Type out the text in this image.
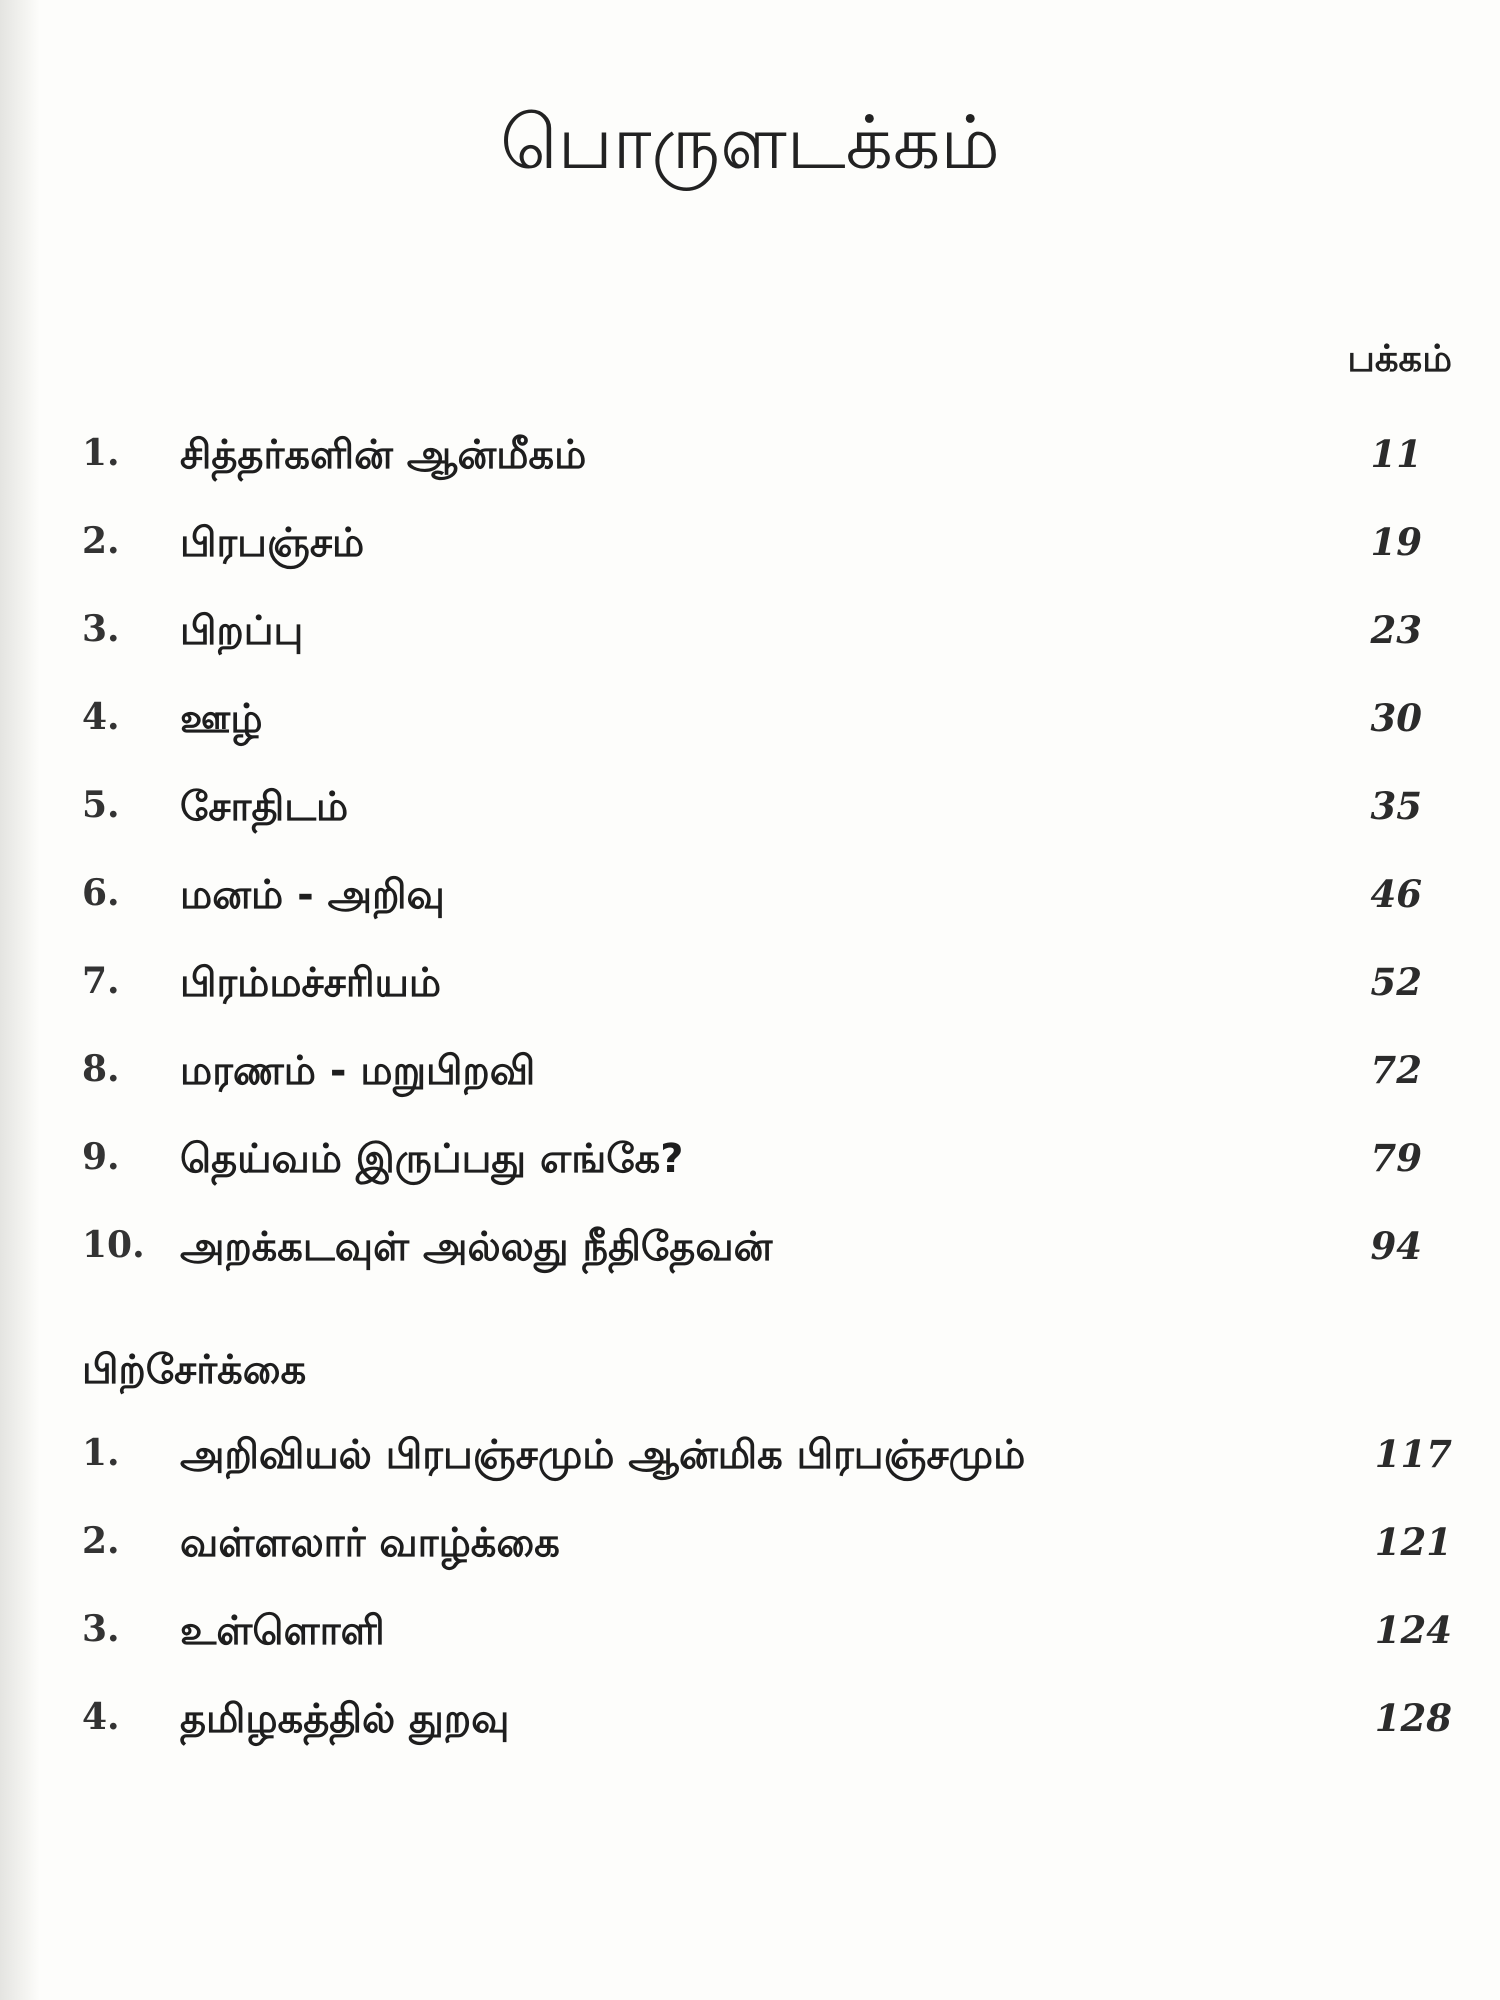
பொருளடக்கம்
பக்கம்
1. சித்தர்களின் ஆன்மீகம்	11
2. பிரபஞ்சம்	19
3. பிறப்பு	23
4. ஊழ்	30
5. சோதிடம்	35
6. மனம் - அறிவு	46
7. பிரம்மச்சரியம்	52
8. மரணம் - மறுபிறவி	72
9. தெய்வம் இருப்பது எங்கே?	79
10. அறக்கடவுள் அல்லது நீதிதேவன்	94
பிற்சேர்க்கை
1. அறிவியல் பிரபஞ்சமும் ஆன்மிக பிரபஞ்சமும்	117
2. வள்ளலார் வாழ்க்கை	121
3. உள்ளொளி	124
4. தமிழகத்தில் துறவு	128
